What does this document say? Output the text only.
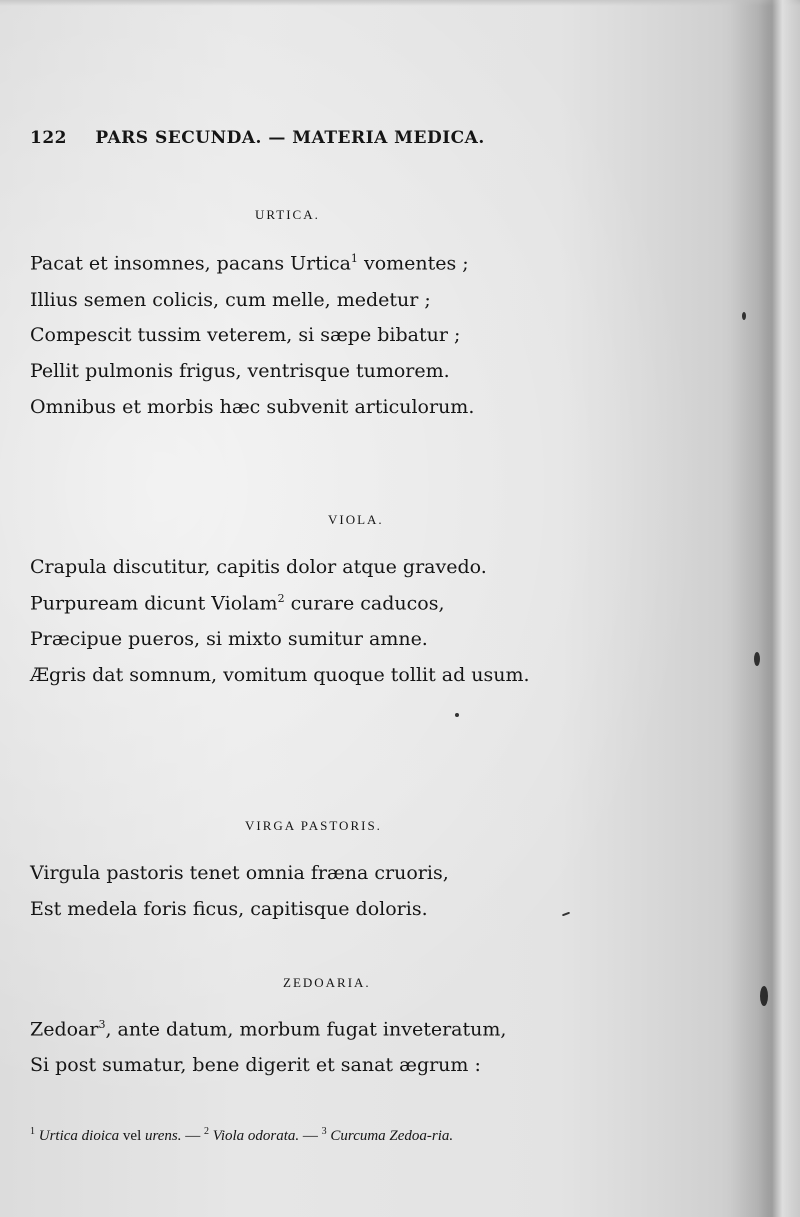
122 PARS SECUNDA. — MATERIA MEDICA.
URTICA.
Pacat et insomnes, pacans Urtica$^1$ vomentes ;
Illius semen colicis, cum melle, medetur ;
Compescit tussim veterem, si sæpe bibatur ;
Pellit pulmonis frigus, ventrisque tumorem.
Omnibus et morbis hæc subvenit articulorum.
VIOLA.
Crapula discutitur, capitis dolor atque gravedo.
Purpuream dicunt Violam$^2$ curare caducos,
Præcipue pueros, si mixto sumitur amne.
Ægris dat somnum, vomitum quoque tollit ad usum.
VIRGA PASTORIS.
Virgula pastoris tenet omnia fræna cruoris,
Est medela foris ficus, capitisque doloris.
ZEDOARIA.
Zedoar$^3$, ante datum, morbum fugat inveteratum,
Si post sumatur, bene digerit et sanat ægrum :
$^1$ Urtica dioica vel urens. — $^2$ Viola odorata. — $^3$ Curcuma Zedoa-ria.
